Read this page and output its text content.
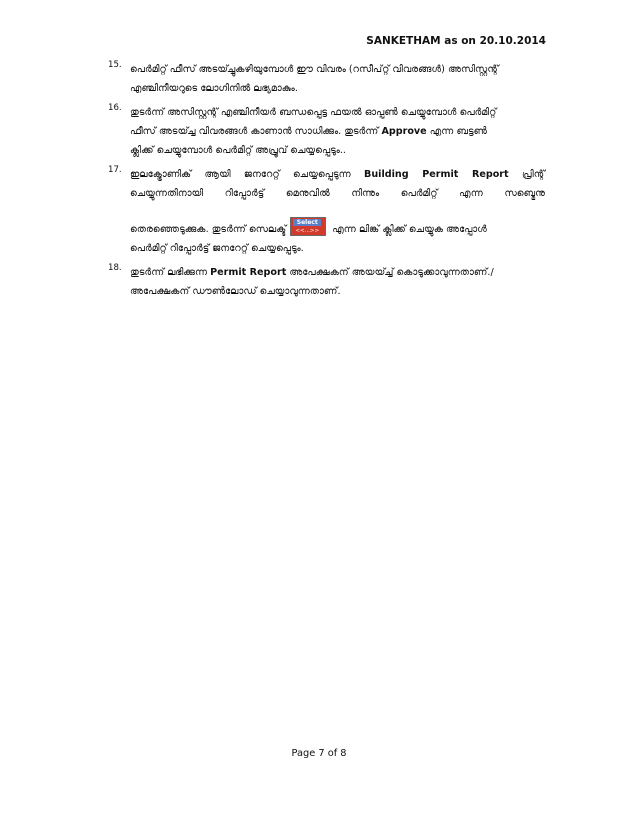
SANKETHAM as on 20.10.2014
15. പെർമിറ്റ് ഫീസ് അടയ്ച്ചുകഴിയുമ്പോൾ ഈ വിവരം (റസീപ്റ്റ് വിവരങ്ങൾ) അസിസ്റ്റന്റ്
എഞ്ചിനീയറുടെ ലോഗിനിൽ ലഭ്യമാകും.
16. തുടർന്ന് അസിസ്റ്റന്റ് എഞ്ചിനീയർ ബന്ധപ്പെട്ട ഫയൽ ഓപ്പൺ ചെയ്യുമ്പോൾ പെർമിറ്റ്
ഫീസ് അടയ്ച്ച വിവരങ്ങൾ കാണാൻ സാധിക്കും. തുടർന്ന് Approve എന്ന ബട്ടൺ
ക്ലിക്ക് ചെയ്യുമ്പോൾ പെർമിറ്റ് അപ്രൂവ് ചെയ്യപ്പെടും..
17. ഇലക്ട്രോണിക് ആയി ജനറേറ്റ് ചെയ്യപ്പെടുന്ന Building Permit Report പ്രിന്റ്
ചെയ്യുന്നതിനായി റിപ്പോർട്ട് മെനുവിൽ നിന്നും പെർമിറ്റ് എന്ന സബ്മെനു
തെരഞ്ഞെടുക്കുക. തുടർന്ന് സെലക്ട്
Select
<<...>> എന്ന ലിങ്ക് ക്ലിക്ക് ചെയ്യുക അപ്പോൾ
പെർമിറ്റ് റിപ്പോർട്ട് ജനറേറ്റ് ചെയ്യപ്പെടും.
18. തുടർന്ന് ലഭിക്കുന്ന Permit Report അപേക്ഷകന് അയയ്ച്ച് കൊടുക്കാവുന്നതാണ്./
അപേക്ഷകന് ഡൗൺലോഡ് ചെയ്യാവുന്നതാണ്.
Page 7 of 8
